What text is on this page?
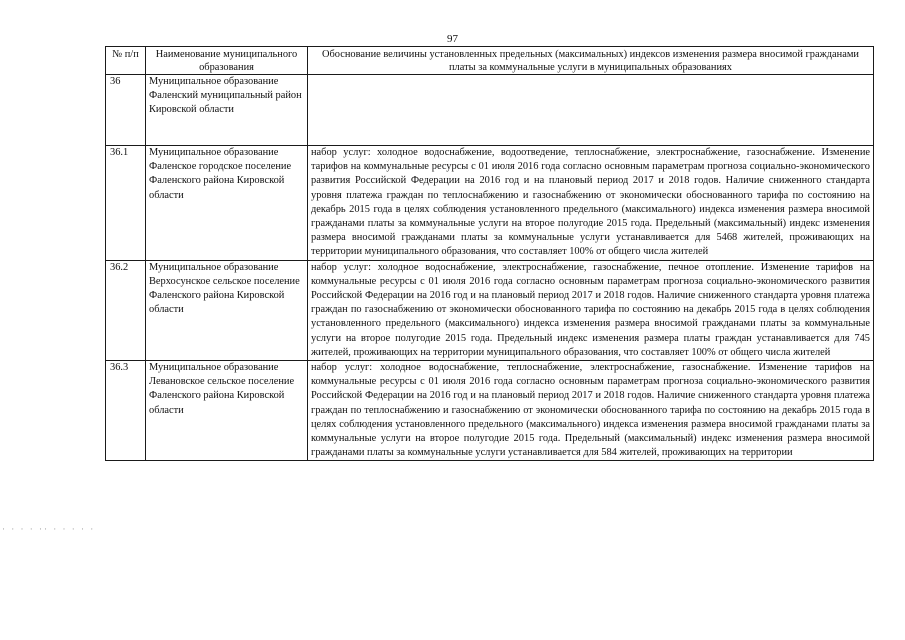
97
№ п/п	Наименование муниципального образования	Обоснование величины установленных предельных (максимальных) индексов изменения размера вносимой гражданами платы за коммунальные услуги в муниципальных образованиях
36	Муниципальное образование Фаленский муниципальный район Кировской области	
36.1	Муниципальное образование Фаленское городское поселение Фаленского района Кировской области	набор услуг: холодное водоснабжение, водоотведение, теплоснабжение, электроснабжение, газоснабжение. Изменение тарифов на коммунальные ресурсы с 01 июля 2016 года согласно основным параметрам прогноза социально-экономического развития Российской Федерации на 2016 год и на плановый период 2017 и 2018 годов. Наличие сниженного стандарта уровня платежа граждан по теплоснабжению и газоснабжению от экономически обоснованного тарифа по состоянию на декабрь 2015 года в целях соблюдения установленного предельного (максимального) индекса изменения размера вносимой гражданами платы за коммунальные услуги на второе полугодие 2015 года. Предельный (максимальный) индекс изменения размера вносимой гражданами платы за коммунальные услуги устанавливается для 5468 жителей, проживающих на территории муниципального образования, что составляет 100% от общего числа жителей
36.2	Муниципальное образование Верхосунское сельское поселение Фаленского района Кировской области	набор услуг: холодное водоснабжение, электроснабжение, газоснабжение, печное отопление. Изменение тарифов на коммунальные ресурсы с 01 июля 2016 года согласно основным параметрам прогноза социально-экономического развития Российской Федерации на 2016 год и на плановый период 2017 и 2018 годов. Наличие сниженного стандарта уровня платежа граждан по газоснабжению от экономически обоснованного тарифа по состоянию на декабрь 2015 года в целях соблюдения установленного предельного (максимального) индекса изменения размера вносимой гражданами платы за коммунальные услуги на второе полугодие 2015 года. Предельный индекс изменения размера платы граждан устанавливается для 745 жителей, проживающих на территории муниципального образования, что составляет 100% от общего числа жителей
36.3	Муниципальное образование Левановское сельское поселение Фаленского района Кировской области	набор услуг: холодное водоснабжение, теплоснабжение, электроснабжение, газоснабжение. Изменение тарифов на коммунальные ресурсы с 01 июля 2016 года согласно основным параметрам прогноза социально-экономического развития Российской Федерации на 2016 год и на плановый период 2017 и 2018 годов. Наличие сниженного стандарта уровня платежа граждан по теплоснабжению и газоснабжению от экономически обоснованного тарифа по состоянию на декабрь 2015 года в целях соблюдения установленного предельного (максимального) индекса изменения размера вносимой гражданами платы за коммунальные услуги на второе полугодие 2015 года. Предельный (максимальный) индекс изменения размера вносимой гражданами платы за коммунальные услуги устанавливается для 584 жителей, проживающих на территории
· · · · ·· · · · · ·
